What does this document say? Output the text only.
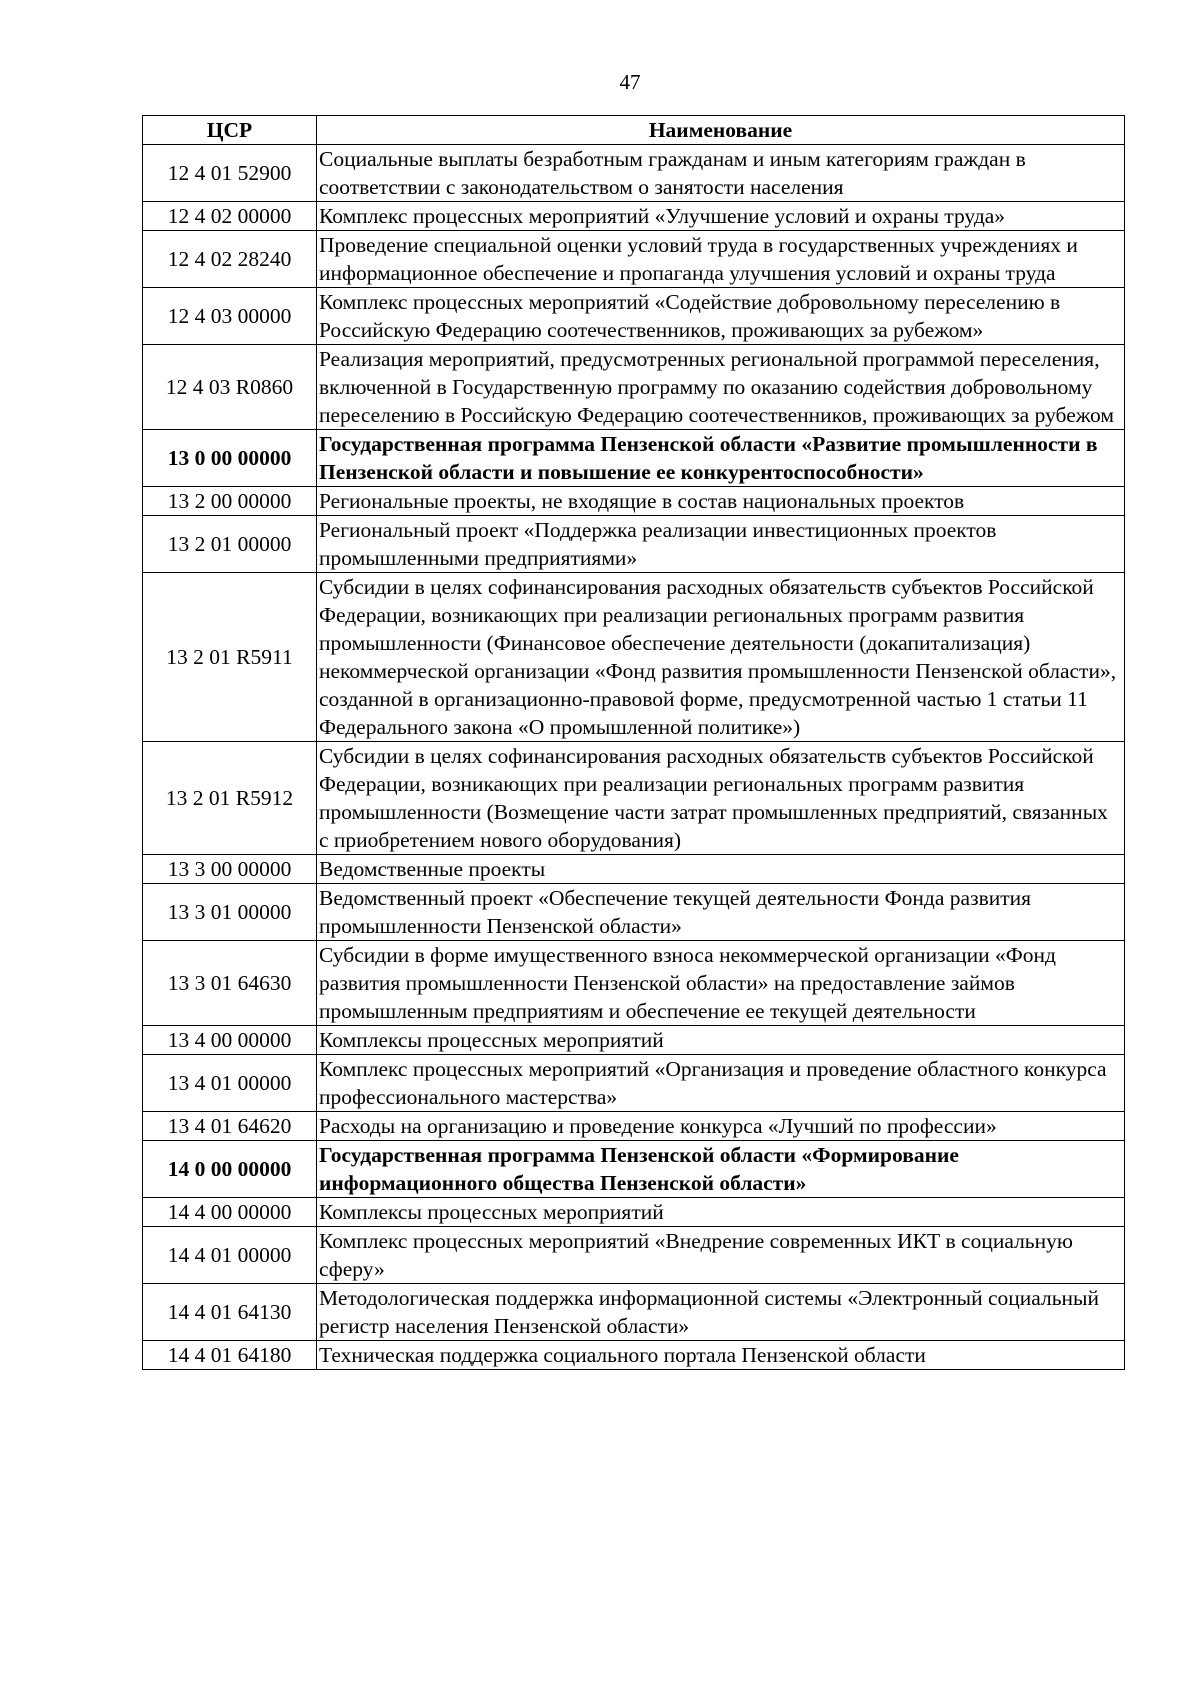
47
ЦСР	Наименование
12 4 01 52900	Социальные выплаты безработным гражданам и иным категориям граждан в соответствии с законодательством о занятости населения
12 4 02 00000	Комплекс процессных мероприятий «Улучшение условий и охраны труда»
12 4 02 28240	Проведение специальной оценки условий труда в государственных учреждениях и информационное обеспечение и пропаганда улучшения условий и охраны труда
12 4 03 00000	Комплекс процессных мероприятий «Содействие добровольному переселению в Российскую Федерацию соотечественников, проживающих за рубежом»
12 4 03 R0860	Реализация мероприятий, предусмотренных региональной программой переселения, включенной в Государственную программу по оказанию содействия добровольному переселению в Российскую Федерацию соотечественников, проживающих за рубежом
13 0 00 00000	Государственная программа Пензенской области «Развитие промышленности в Пензенской области и повышение ее конкурентоспособности»
13 2 00 00000	Региональные проекты, не входящие в состав национальных проектов
13 2 01 00000	Региональный проект «Поддержка реализации инвестиционных проектов промышленными предприятиями»
13 2 01 R5911	Субсидии в целях софинансирования расходных обязательств субъектов Российской Федерации, возникающих при реализации региональных программ развития промышленности (Финансовое обеспечение деятельности (докапитализация) некоммерческой организации «Фонд развития промышленности Пензенской области», созданной в организационно-правовой форме, предусмотренной частью 1 статьи 11 Федерального закона «О промышленной политике»)
13 2 01 R5912	Субсидии в целях софинансирования расходных обязательств субъектов Российской Федерации, возникающих при реализации региональных программ развития промышленности (Возмещение части затрат промышленных предприятий, связанных с приобретением нового оборудования)
13 3 00 00000	Ведомственные проекты
13 3 01 00000	Ведомственный проект «Обеспечение текущей деятельности Фонда развития промышленности Пензенской области»
13 3 01 64630	Субсидии в форме имущественного взноса некоммерческой организации «Фонд развития промышленности Пензенской области» на предоставление займов промышленным предприятиям и обеспечение ее текущей деятельности
13 4 00 00000	Комплексы процессных мероприятий
13 4 01 00000	Комплекс процессных мероприятий «Организация и проведение областного конкурса профессионального мастерства»
13 4 01 64620	Расходы на организацию и проведение конкурса «Лучший по профессии»
14 0 00 00000	Государственная программа Пензенской области «Формирование информационного общества Пензенской области»
14 4 00 00000	Комплексы процессных мероприятий
14 4 01 00000	Комплекс процессных мероприятий «Внедрение современных ИКТ в социальную сферу»
14 4 01 64130	Методологическая поддержка информационной системы «Электронный социальный регистр населения Пензенской области»
14 4 01 64180	Техническая поддержка социального портала Пензенской области
